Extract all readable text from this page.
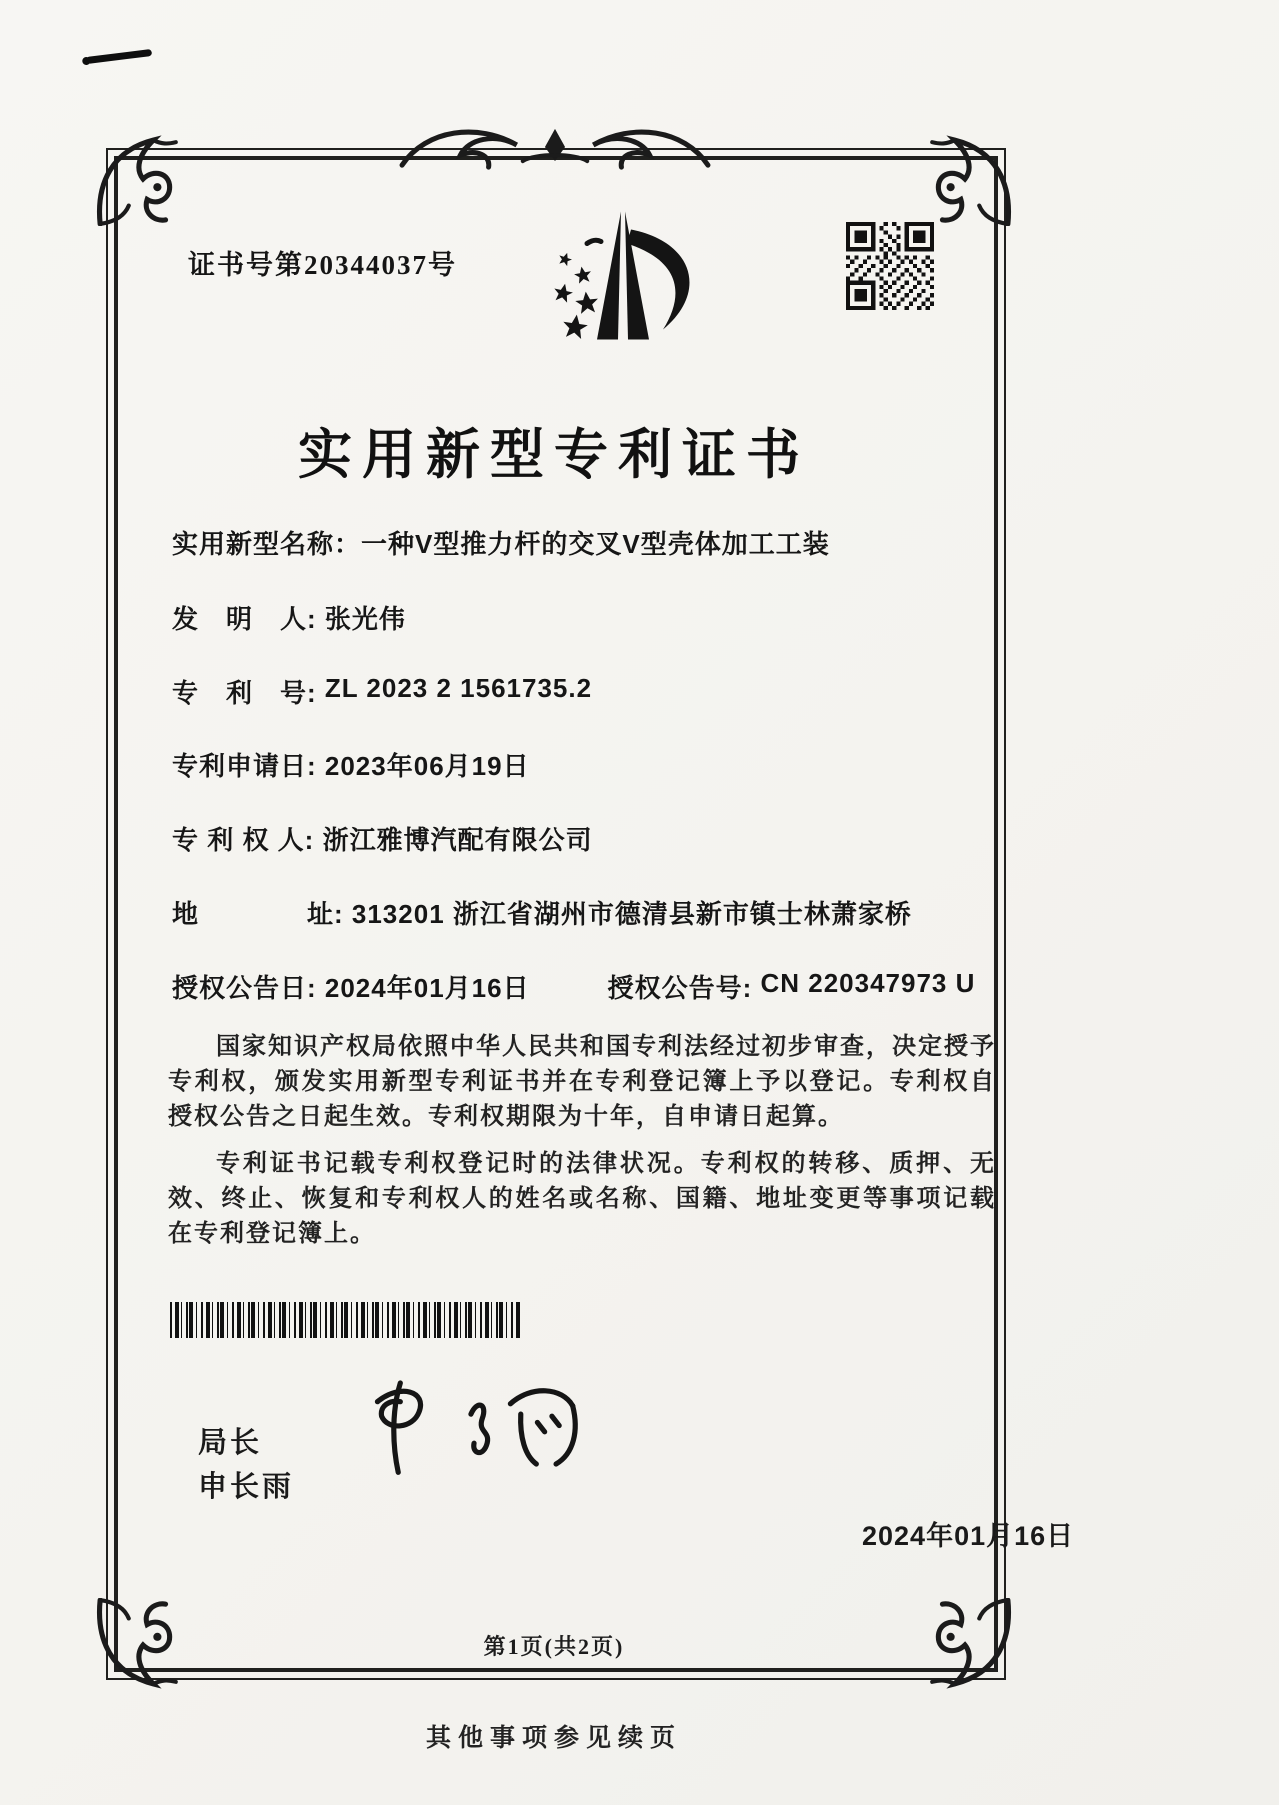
证书号第20344037号
实用新型专利证书
实用新型名称： 一种V型推力杆的交叉V型壳体加工工装
发　明　人: 张光伟
专　利　号: ZL 2023 2 1561735.2
专利申请日: 2023年06月19日
专 利 权 人: 浙江雅博汽配有限公司
地　　　　址: 313201 浙江省湖州市德清县新市镇士林萧家桥
授权公告日: 2024年01月16日	授权公告号: CN 220347973 U

国家知识产权局依照中华人民共和国专利法经过初步审查，决定授予专利权，颁发实用新型专利证书并在专利登记簿上予以登记。专利权自授权公告之日起生效。专利权期限为十年，自申请日起算。

专利证书记载专利权登记时的法律状况。专利权的转移、质押、无效、终止、恢复和专利权人的姓名或名称、国籍、地址变更等事项记载在专利登记簿上。

局长
申长雨
2024年01月16日
第1页(共2页)
其他事项参见续页
